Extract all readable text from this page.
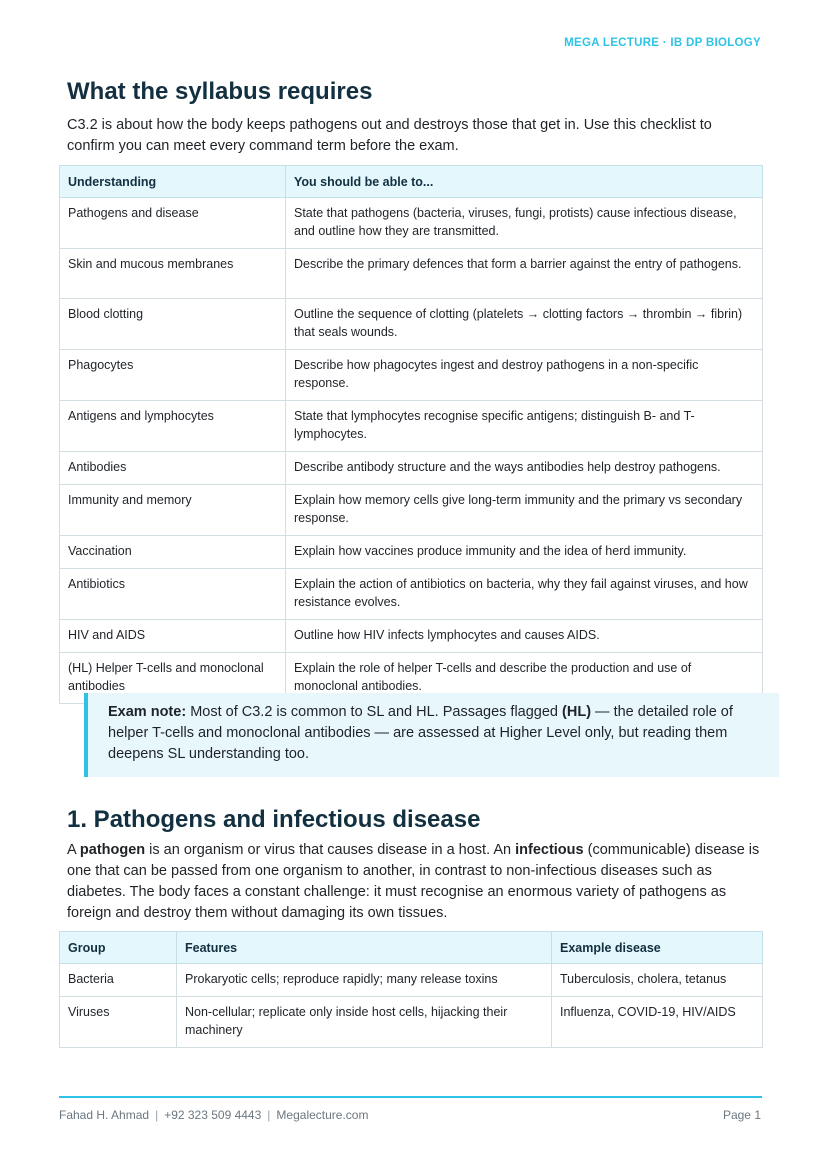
MEGA LECTURE · IB DP BIOLOGY
What the syllabus requires

C3.2 is about how the body keeps pathogens out and destroys those that get in. Use this checklist to confirm you can meet every command term before the exam.

Understanding	You should be able to...
Pathogens and disease	State that pathogens (bacteria, viruses, fungi, protists) cause infectious disease, and outline how they are transmitted.
Skin and mucous membranes	Describe the primary defences that form a barrier against the entry of pathogens.
Blood clotting	Outline the sequence of clotting (platelets → clotting factors → thrombin → fibrin) that seals wounds.
Phagocytes	Describe how phagocytes ingest and destroy pathogens in a non-specific response.
Antigens and lymphocytes	State that lymphocytes recognise specific antigens; distinguish B- and T-lymphocytes.
Antibodies	Describe antibody structure and the ways antibodies help destroy pathogens.
Immunity and memory	Explain how memory cells give long-term immunity and the primary vs secondary response.
Vaccination	Explain how vaccines produce immunity and the idea of herd immunity.
Antibiotics	Explain the action of antibiotics on bacteria, why they fail against viruses, and how resistance evolves.
HIV and AIDS	Outline how HIV infects lymphocytes and causes AIDS.
(HL) Helper T-cells and monoclonal antibodies	Explain the role of helper T-cells and describe the production and use of monoclonal antibodies.
Exam note: Most of C3.2 is common to SL and HL. Passages flagged (HL) — the detailed role of helper T-cells and monoclonal antibodies — are assessed at Higher Level only, but reading them deepens SL understanding too.
1. Pathogens and infectious disease

A pathogen is an organism or virus that causes disease in a host. An infectious (communicable) disease is one that can be passed from one organism to another, in contrast to non-infectious diseases such as diabetes. The body faces a constant challenge: it must recognise an enormous variety of pathogens as foreign and destroy them without damaging its own tissues.

Group	Features	Example disease
Bacteria	Prokaryotic cells; reproduce rapidly; many release toxins	Tuberculosis, cholera, tetanus
Viruses	Non-cellular; replicate only inside host cells, hijacking their machinery	Influenza, COVID-19, HIV/AIDS
Fahad H. Ahmad | +92 323 509 4443 | Megalecture.com	Page 1
